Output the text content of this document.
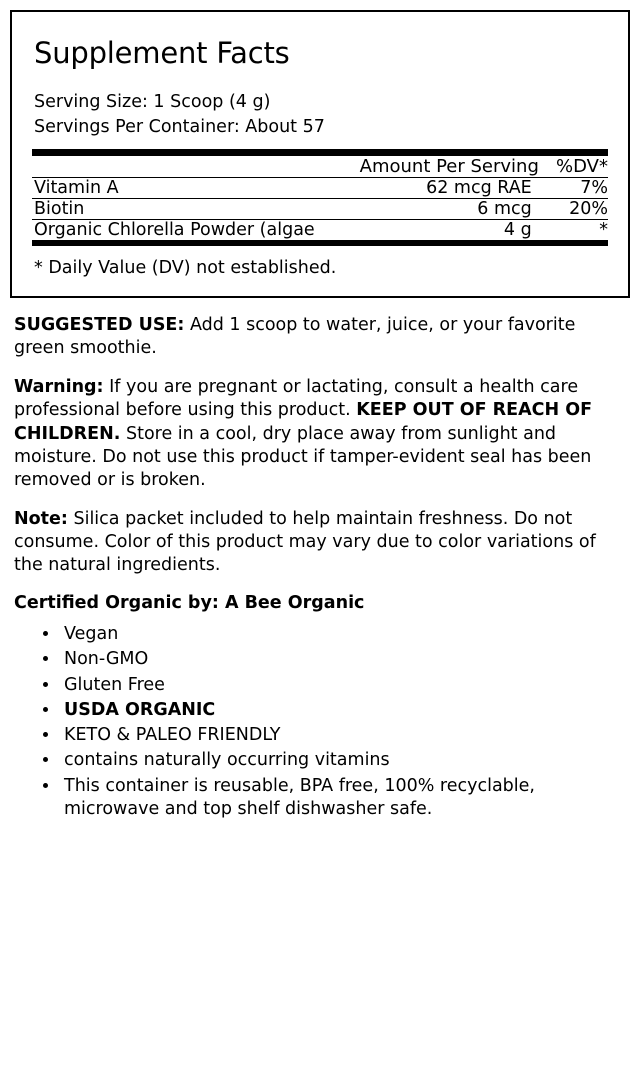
Supplement Facts
Serving Size: 1 Scoop (4 g)
Servings Per Container: About 57
	Amount Per Serving	%DV*
Vitamin A	62 mcg RAE	7%
Biotin	6 mcg	20%
Organic Chlorella Powder (algae	4 g	*
* Daily Value (DV) not established.

SUGGESTED USE: Add 1 scoop to water, juice, or your favorite green smoothie.

Warning: If you are pregnant or lactating, consult a health care professional before using this product. KEEP OUT OF REACH OF CHILDREN. Store in a cool, dry place away from sunlight and moisture. Do not use this product if tamper-evident seal has been removed or is broken.

Note: Silica packet included to help maintain freshness. Do not consume. Color of this product may vary due to color variations of the natural ingredients.

Certified Organic by: A Bee Organic

• Vegan
• Non-GMO
• Gluten Free
• USDA ORGANIC
• KETO & PALEO FRIENDLY
• contains naturally occurring vitamins
• This container is reusable, BPA free, 100% recyclable, microwave and top shelf dishwasher safe.
